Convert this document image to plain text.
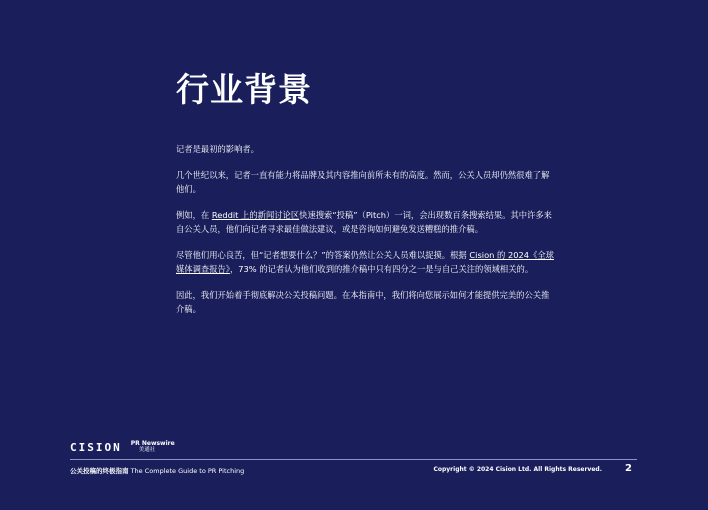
行业背景

记者是最初的影响者。

几个世纪以来，记者一直有能力将品牌及其内容推向前所未有的高度。然而，公关人员却仍然很难了解他们。

例如，在 Reddit 上的新闻讨论区快速搜索“投稿”（Pitch）一词，会出现数百条搜索结果。其中许多来自公关人员，他们向记者寻求最佳做法建议，或是咨询如何避免发送糟糕的推介稿。

尽管他们用心良苦，但“记者想要什么？”的答案仍然让公关人员难以捉摸。根据 Cision 的 2024《全球媒体调查报告》，73% 的记者认为他们收到的推介稿中只有四分之一是与自己关注的领域相关的。

因此，我们开始着手彻底解决公关投稿问题。在本指南中，我们将向您展示如何才能提供完美的公关推介稿。

CISION PR Newswire
美通社
公关投稿的终极指南 The Complete Guide to PR Pitching	Copyright © 2024 Cision Ltd. All Rights Reserved. 2
